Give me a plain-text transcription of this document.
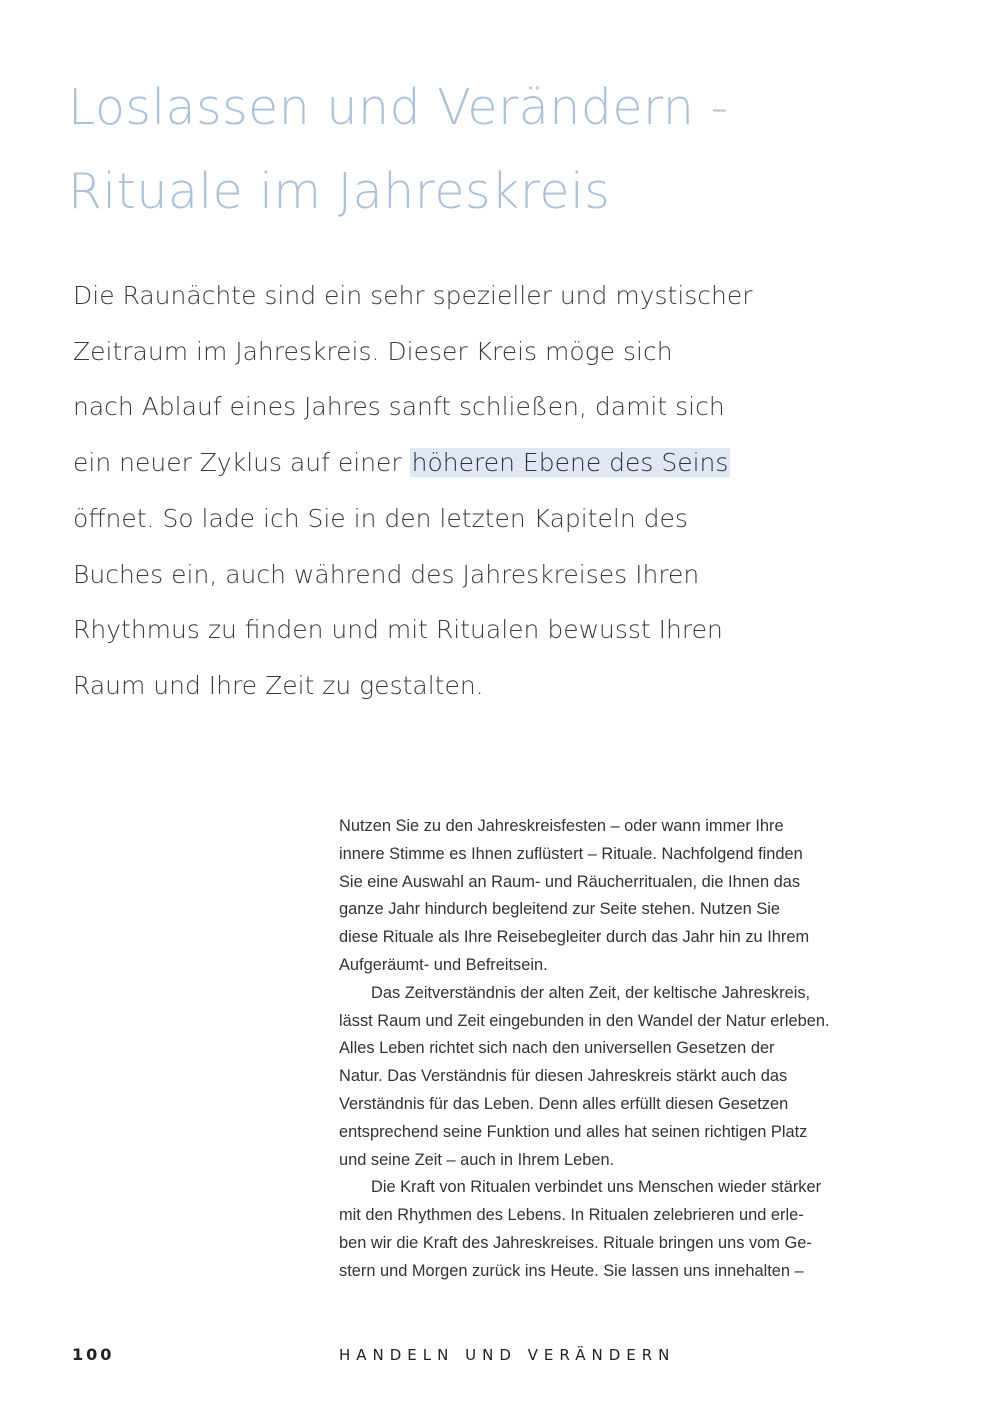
Loslassen und Verändern -
Rituale im Jahreskreis
Die Raunächte sind ein sehr spezieller und mystischer
Zeitraum im Jahreskreis. Dieser Kreis möge sich
nach Ablauf eines Jahres sanft schließen, damit sich
ein neuer Zyklus auf einer höheren Ebene des Seins
öffnet. So lade ich Sie in den letzten Kapiteln des
Buches ein, auch während des Jahreskreises Ihren
Rhythmus zu finden und mit Ritualen bewusst Ihren
Raum und Ihre Zeit zu gestalten.
Nutzen Sie zu den Jahreskreisfesten – oder wann immer Ihre
innere Stimme es Ihnen zuflüstert – Rituale. Nachfolgend finden
Sie eine Auswahl an Raum- und Räucherritualen, die Ihnen das
ganze Jahr hindurch begleitend zur Seite stehen. Nutzen Sie
diese Rituale als Ihre Reisebegleiter durch das Jahr hin zu Ihrem
Aufgeräumt- und Befreitsein.
Das Zeitverständnis der alten Zeit, der keltische Jahreskreis,
lässt Raum und Zeit eingebunden in den Wandel der Natur erleben.
Alles Leben richtet sich nach den universellen Gesetzen der
Natur. Das Verständnis für diesen Jahreskreis stärkt auch das
Verständnis für das Leben. Denn alles erfüllt diesen Gesetzen
entsprechend seine Funktion und alles hat seinen richtigen Platz
und seine Zeit – auch in Ihrem Leben.
Die Kraft von Ritualen verbindet uns Menschen wieder stärker
mit den Rhythmen des Lebens. In Ritualen zelebrieren und erle-
ben wir die Kraft des Jahreskreises. Rituale bringen uns vom Ge-
stern und Morgen zurück ins Heute. Sie lassen uns innehalten –
100	HANDELN UND VERÄNDERN
